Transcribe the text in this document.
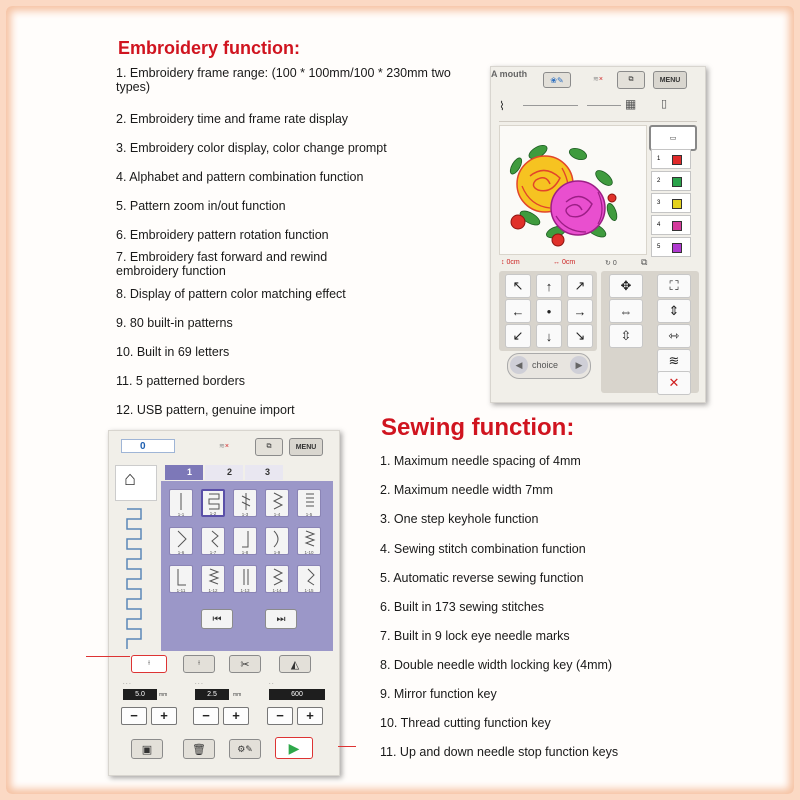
Embroidery function:
1. Embroidery frame range: (100 * 100mm/100 * 230mm two types)
2. Embroidery time and frame rate display
3. Embroidery color display, color change prompt
4. Alphabet and pattern combination function
5. Pattern zoom in/out function
6. Embroidery pattern rotation function
7. Embroidery fast forward and rewind embroidery function
8. Display of pattern color matching effect
9. 80 built-in patterns
10. Built in 69 letters
11. 5 patterned borders
12. USB pattern, genuine import
A mouth
❀✎	≋ ×	⧉	MENU
⌇	▦ ▯
▭
1
2
3
4
5
↕ 0cm	↔ 0cm	↻ 0	⧉
↖	↑	↗
←	●	→
↙	↓	↘
✥	⛶
⇔	⇕
⇳	⇿
≋
✕
◀	choice	▶
Sewing function:
1. Maximum needle spacing of 4mm
2. Maximum needle width 7mm
3. One step keyhole function
4. Sewing stitch combination function
5. Automatic reverse sewing function
6. Built in 173 sewing stitches
7. Built in 9 lock eye needle marks
8. Double needle width locking key (4mm)
9. Mirror function key
10. Thread cutting function key
11. Up and down needle stop function keys
0	≋ ×	⧉	MENU
⌂	1	2	3
1-1	1-2	1-3	1-4	1-5
1-6	1-7	1-8	1-9	1-10
1-11	1-12	1-13	1-14	1-15
⏮	⏭
⍿	⍿	✂	◭
· · ·
5.0	mm
· · ·
2.5	mm
· ·
600
−	+	−	+	−	+
▣	🗑	⚙✎	▶
